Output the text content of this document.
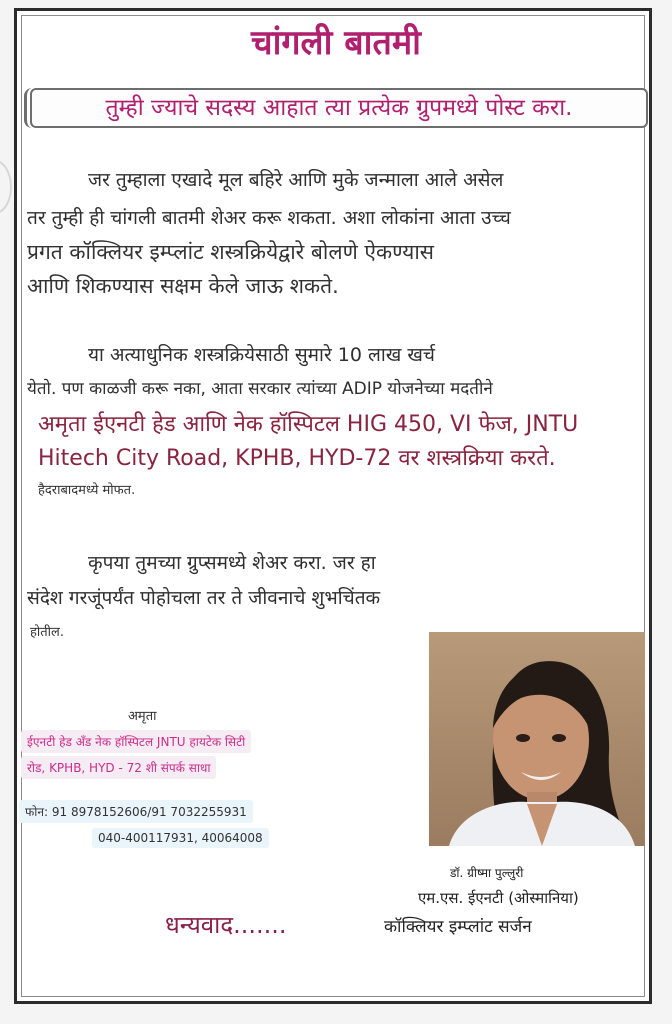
चांगली बातमी
तुम्ही ज्याचे सदस्य आहात त्या प्रत्येक ग्रुपमध्ये पोस्ट करा.
जर तुम्हाला एखादे मूल बहिरे आणि मुके जन्माला आले असेल
तर तुम्ही ही चांगली बातमी शेअर करू शकता. अशा लोकांना आता उच्च
प्रगत कॉक्लियर इम्प्लांट शस्त्रक्रियेद्वारे बोलणे ऐकण्यास
आणि शिकण्यास सक्षम केले जाऊ शकते.
या अत्याधुनिक शस्त्रक्रियेसाठी सुमारे 10 लाख खर्च
येतो. पण काळजी करू नका, आता सरकार त्यांच्या ADIP योजनेच्या मदतीने
अमृता ईएनटी हेड आणि नेक हॉस्पिटल HIG 450, VI फेज, JNTU
Hitech City Road, KPHB, HYD-72 वर शस्त्रक्रिया करते.
हैदराबादमध्ये मोफत.
कृपया तुमच्या ग्रुप्समध्ये शेअर करा. जर हा
संदेश गरजूंपर्यंत पोहोचला तर ते जीवनाचे शुभचिंतक
होतील.
अमृता
ईएनटी हेड अँड नेक हॉस्पिटल JNTU हायटेक सिटी
रोड, KPHB, HYD - 72 शी संपर्क साधा
फोन: 91 8978152606/91 7032255931
040-400117931, 40064008
डॉ. ग्रीष्मा पुल्लुरी
एम.एस. ईएनटी (ओस्मानिया)
कॉक्लियर इम्प्लांट सर्जन
धन्यवाद.......
